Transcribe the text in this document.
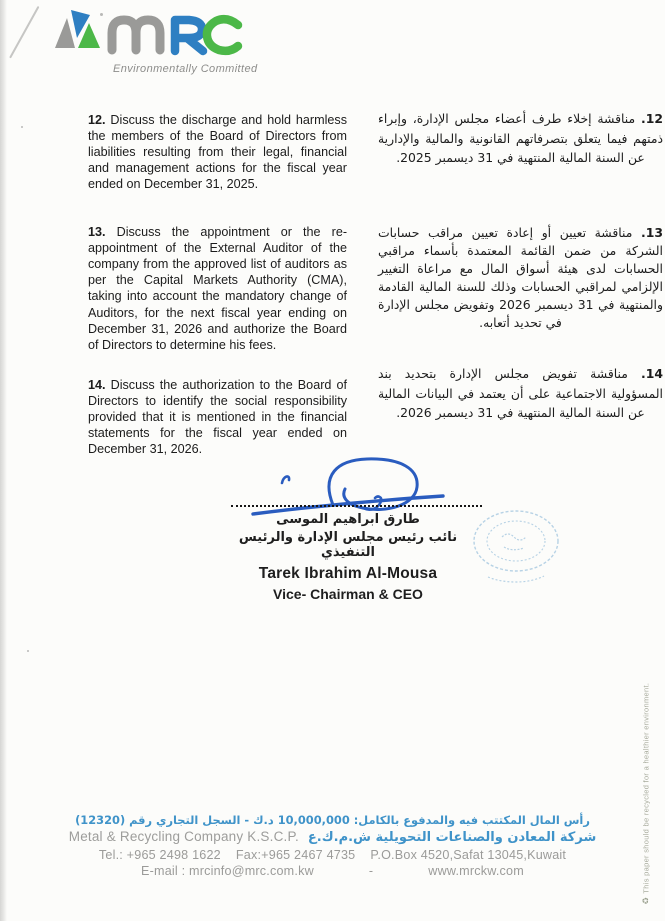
Environmentally Committed

12. Discuss the discharge and hold harmless the members of the Board of Directors from liabilities resulting from their legal, financial and management actions for the fiscal year ended on December 31, 2025.

13. Discuss the appointment or the re-appointment of the External Auditor of the company from the approved list of auditors as per the Capital Markets Authority (CMA), taking into account the mandatory change of Auditors, for the next fiscal year ending on December 31, 2026 and authorize the Board of Directors to determine his fees.

14. Discuss the authorization to the Board of Directors to identify the social responsibility provided that it is mentioned in the financial statements for the fiscal year ended on December 31, 2026.

12. مناقشة إخلاء طرف أعضاء مجلس الإدارة، وإبراء ذمتهم فيما يتعلق بتصرفاتهم القانونية والمالية والإدارية عن السنة المالية المنتهية في 31 ديسمبر 2025.

13. مناقشة تعيين أو إعادة تعيين مراقب حسابات الشركة من ضمن القائمة المعتمدة بأسماء مراقبي الحسابات لدى هيئة أسواق المال مع مراعاة التغيير الإلزامي لمراقبي الحسابات وذلك للسنة المالية القادمة والمنتهية في 31 ديسمبر 2026 وتفويض مجلس الإدارة في تحديد أتعابه.

14. مناقشة تفويض مجلس الإدارة بتحديد بند المسؤولية الاجتماعية على أن يعتمد في البيانات المالية عن السنة المالية المنتهية في 31 ديسمبر 2026.

طارق ابراهيم الموسى
نائب رئيس مجلس الإدارة والرئيس التنفيذي
Tarek Ibrahim Al-Mousa
Vice- Chairman & CEO
رأس المال المكتتب فيه والمدفوع بالكامل: 10,000,000 د.ك - السجل التجاري رقم (12320)
Metal & Recycling Company K.S.C.P. شركة المعادن والصناعات التحويلية ش.م.ك.ع
Tel.: +965 2498 1622 Fax:+965 2467 4735 P.O.Box 4520,Safat 13045,Kuwait
E-mail : mrcinfo@mrc.com.kw	-	www.mrckw.com
♻This paper should be recycled for a healthier environment.
